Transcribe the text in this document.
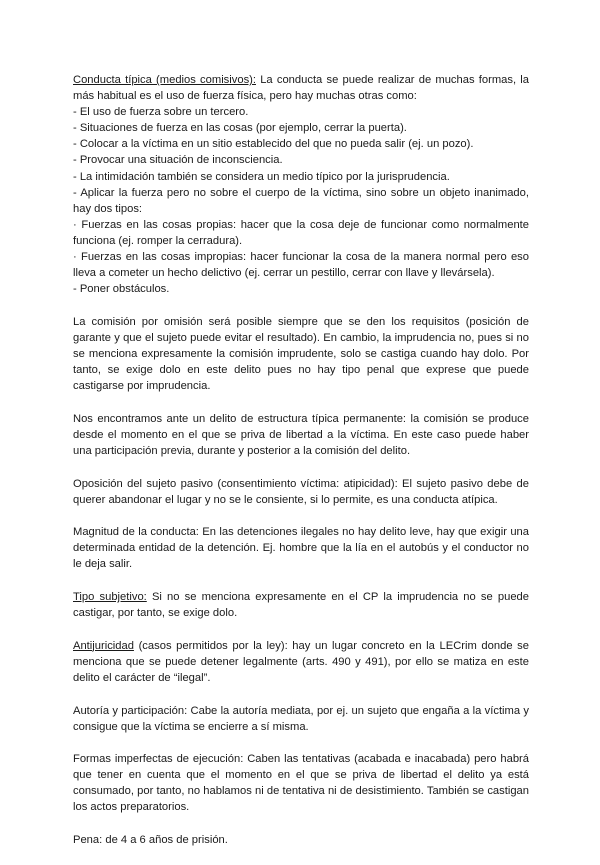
Conducta típica (medios comisivos): La conducta se puede realizar de muchas formas, la más habitual es el uso de fuerza física, pero hay muchas otras como:

- El uso de fuerza sobre un tercero.

- Situaciones de fuerza en las cosas (por ejemplo, cerrar la puerta).

- Colocar a la víctima en un sitio establecido del que no pueda salir (ej. un pozo).

- Provocar una situación de inconsciencia.

- La intimidación también se considera un medio típico por la jurisprudencia.

- Aplicar la fuerza pero no sobre el cuerpo de la víctima, sino sobre un objeto inanimado, hay dos tipos:

· Fuerzas en las cosas propias: hacer que la cosa deje de funcionar como normalmente funciona (ej. romper la cerradura).

· Fuerzas en las cosas impropias: hacer funcionar la cosa de la manera normal pero eso lleva a cometer un hecho delictivo (ej. cerrar un pestillo, cerrar con llave y llevársela).

- Poner obstáculos.

La comisión por omisión será posible siempre que se den los requisitos (posición de garante y que el sujeto puede evitar el resultado). En cambio, la imprudencia no, pues si no se menciona expresamente la comisión imprudente, solo se castiga cuando hay dolo. Por tanto, se exige dolo en este delito pues no hay tipo penal que exprese que puede castigarse por imprudencia.

Nos encontramos ante un delito de estructura típica permanente: la comisión se produce desde el momento en el que se priva de libertad a la víctima. En este caso puede haber una participación previa, durante y posterior a la comisión del delito.

Oposición del sujeto pasivo (consentimiento víctima: atipicidad): El sujeto pasivo debe de querer abandonar el lugar y no se le consiente, si lo permite, es una conducta atípica.

Magnitud de la conducta: En las detenciones ilegales no hay delito leve, hay que exigir una determinada entidad de la detención. Ej. hombre que la lía en el autobús y el conductor no le deja salir.

Tipo subjetivo: Si no se menciona expresamente en el CP la imprudencia no se puede castigar, por tanto, se exige dolo.

Antijuricidad (casos permitidos por la ley): hay un lugar concreto en la LECrim donde se menciona que se puede detener legalmente (arts. 490 y 491), por ello se matiza en este delito el carácter de “ilegal”.

Autoría y participación: Cabe la autoría mediata, por ej. un sujeto que engaña a la víctima y consigue que la víctima se encierre a sí misma.

Formas imperfectas de ejecución: Caben las tentativas (acabada e inacabada) pero habrá que tener en cuenta que el momento en el que se priva de libertad el delito ya está consumado, por tanto, no hablamos ni de tentativa ni de desistimiento. También se castigan los actos preparatorios.

Pena: de 4 a 6 años de prisión.
